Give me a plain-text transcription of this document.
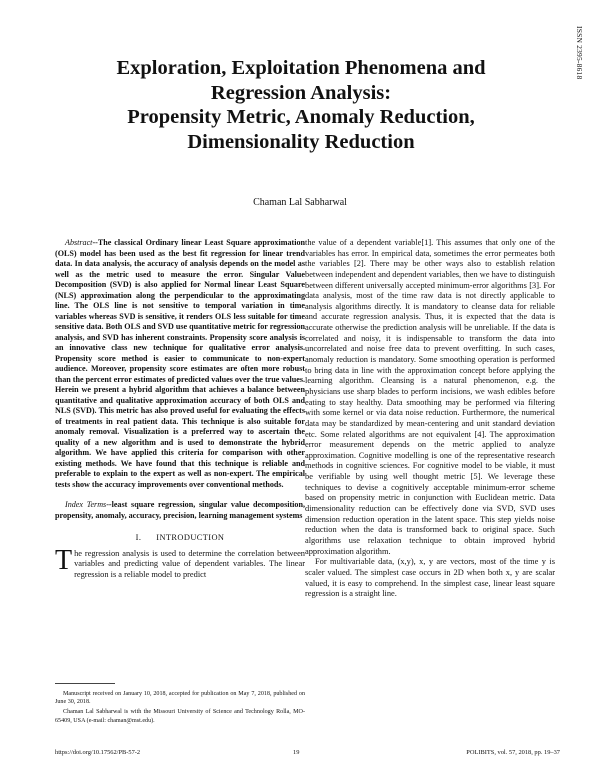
ISSN 2395-8618
Exploration, Exploitation Phenomena and
Regression Analysis:
Propensity Metric, Anomaly Reduction,
Dimensionality Reduction
Chaman Lal Sabharwal

Abstract--The classical Ordinary linear Least Square approximation (OLS) model has been used as the best fit regression for linear trend data. In data analysis, the accuracy of analysis depends on the model as well as the metric used to measure the error. Singular Value Decomposition (SVD) is also applied for Normal linear Least Square (NLS) approximation along the perpendicular to the approximating line. The OLS line is not sensitive to temporal variation in time variables whereas SVD is sensitive, it renders OLS less suitable for time sensitive data. Both OLS and SVD use quantitative metric for regression analysis, and SVD has inherent constraints. Propensity score analysis is an innovative class new technique for qualitative error analysis. Propensity score method is easier to communicate to non-expert audience. Moreover, propensity score estimates are often more robust than the percent error estimates of predicted values over the true values. Herein we present a hybrid algorithm that achieves a balance between quantitative and qualitative approximation accuracy of both OLS and NLS (SVD). This metric has also proved useful for evaluating the effects of treatments in real patient data. This technique is also suitable for anomaly removal. Visualization is a preferred way to ascertain the quality of a new algorithm and is used to demonstrate the hybrid algorithm. We have applied this criteria for comparison with other existing methods. We have found that this technique is reliable and preferable to explain to the expert as well as non-expert. The empirical tests show the accuracy improvements over conventional methods.

Index Terms--least square regression, singular value decomposition, propensity, anomaly, accuracy, precision, learning management systems

I. INTRODUCTION

The regression analysis is used to determine the correlation between variables and predicting value of dependent variables. The linear regression is a reliable model to predict

the value of a dependent variable[1]. This assumes that only one of the variables has error. In empirical data, sometimes the error permeates both the variables [2]. There may be other ways also to establish relation between independent and dependent variables, then we have to distinguish between different universally accepted minimum-error algorithms [3]. For data analysis, most of the time raw data is not directly applicable to analysis algorithms directly. It is mandatory to cleanse data for reliable and accurate regression analysis. Thus, it is expected that the data is accurate otherwise the prediction analysis will be unreliable. If the data is correlated and noisy, it is indispensable to transform the data into uncorrelated and noise free data to prevent overfitting. In such cases, anomaly reduction is mandatory. Some smoothing operation is performed to bring data in line with the approximation concept before applying the learning algorithm. Cleansing is a natural phenomenon, e.g. the physicians use sharp blades to perform incisions, we wash edibles before eating to stay healthy. Data smoothing may be performed via filtering with some kernel or via data noise reduction. Furthermore, the numerical data may be standardized by mean-centering and unit standard deviation etc. Some related algorithms are not equivalent [4]. The approximation error measurement depends on the metric applied to analyze approximation. Cognitive modelling is one of the representative research methods in cognitive sciences. For cognitive model to be viable, it must be verifiable by using well thought metric [5]. We leverage these techniques to devise a cognitively acceptable minimum-error scheme based on propensity metric in conjunction with Euclidean metric. Data dimensionality reduction can be effectively done via SVD, SVD uses dimension reduction operation in the latent space. This step yields noise reduction when the data is transformed back to original space. Such algorithms use relaxation technique to obtain improved hybrid approximation algorithm.

For multivariable data, (x,y), x, y are vectors, most of the time y is scaler valued. The simplest case occurs in 2D when both x, y are scalar valued, it is easy to comprehend. In the simplest case, linear least square regression is a straight line.

Manuscript received on January 10, 2018, accepted for publication on May 7, 2018, published on June 30, 2018.

Chaman Lal Sabharwal is with the Missouri University of Science and Technology Rolla, MO-65409, USA (e-mail: chaman@mst.edu).

https://doi.org/10.17562/PB-57-2	19	POLIBITS, vol. 57, 2018, pp. 19–37
